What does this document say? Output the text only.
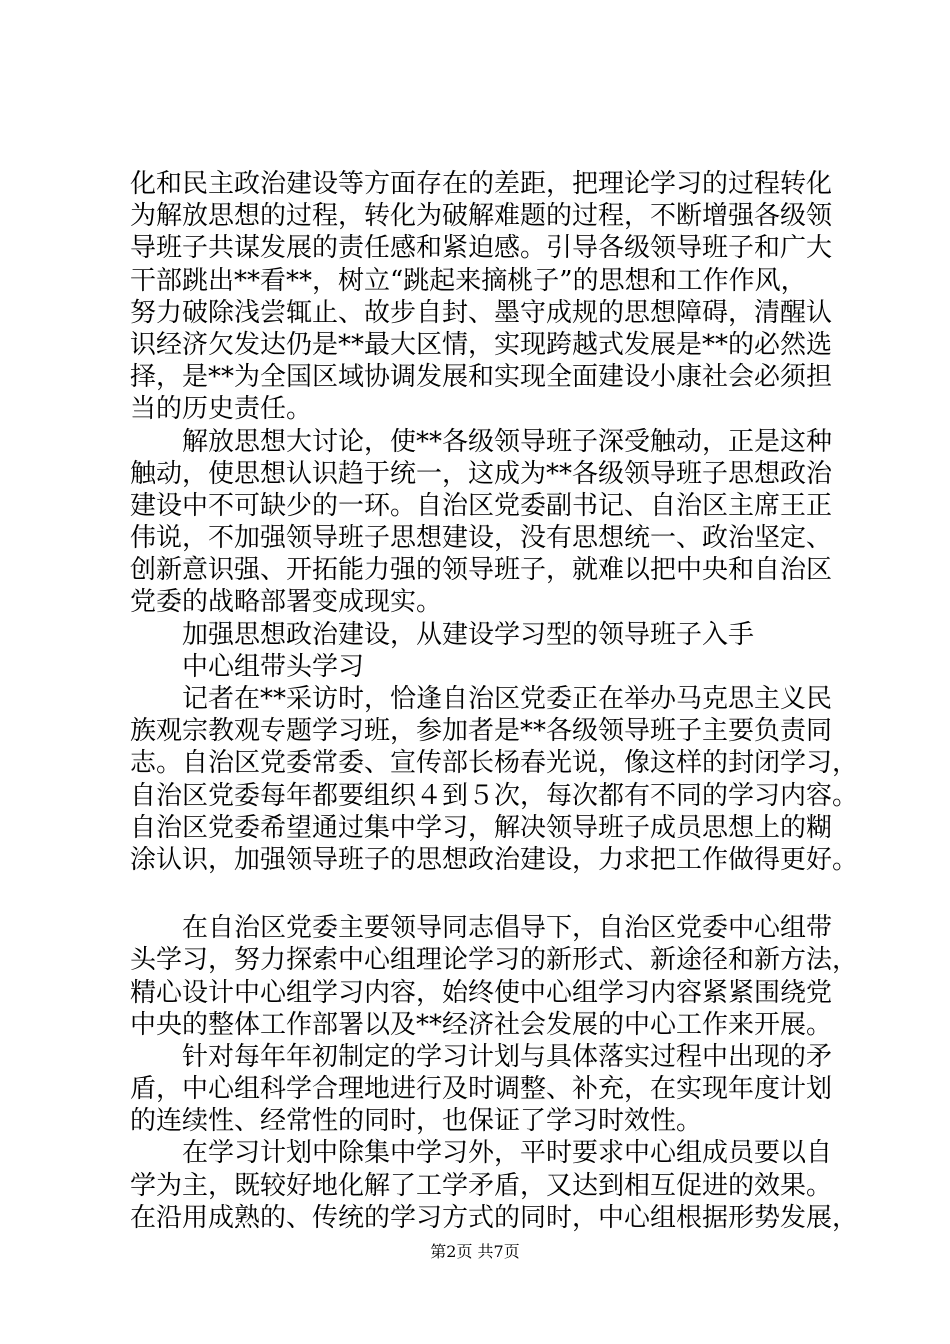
化和民主政治建设等方面存在的差距，把理论学习的过程转化
为解放思想的过程，转化为破解难题的过程，不断增强各级领
导班子共谋发展的责任感和紧迫感。引导各级领导班子和广大
干部跳出**看**，树立“跳起来摘桃子”的思想和工作作风，
努力破除浅尝辄止、故步自封、墨守成规的思想障碍，清醒认
识经济欠发达仍是**最大区情，实现跨越式发展是**的必然选
择，是**为全国区域协调发展和实现全面建设小康社会必须担
当的历史责任。
解放思想大讨论，使**各级领导班子深受触动，正是这种
触动，使思想认识趋于统一，这成为**各级领导班子思想政治
建设中不可缺少的一环。自治区党委副书记、自治区主席王正
伟说，不加强领导班子思想建设，没有思想统一、政治坚定、
创新意识强、开拓能力强的领导班子，就难以把中央和自治区
党委的战略部署变成现实。
加强思想政治建设，从建设学习型的领导班子入手
中心组带头学习
记者在**采访时，恰逢自治区党委正在举办马克思主义民
族观宗教观专题学习班，参加者是**各级领导班子主要负责同
志。自治区党委常委、宣传部长杨春光说，像这样的封闭学习，
自治区党委每年都要组织４到５次，每次都有不同的学习内容。
自治区党委希望通过集中学习，解决领导班子成员思想上的糊
涂认识，加强领导班子的思想政治建设，力求把工作做得更好。
在自治区党委主要领导同志倡导下，自治区党委中心组带
头学习，努力探索中心组理论学习的新形式、新途径和新方法，
精心设计中心组学习内容，始终使中心组学习内容紧紧围绕党
中央的整体工作部署以及**经济社会发展的中心工作来开展。
针对每年年初制定的学习计划与具体落实过程中出现的矛
盾，中心组科学合理地进行及时调整、补充，在实现年度计划
的连续性、经常性的同时，也保证了学习时效性。
在学习计划中除集中学习外，平时要求中心组成员要以自
学为主，既较好地化解了工学矛盾，又达到相互促进的效果。
在沿用成熟的、传统的学习方式的同时，中心组根据形势发展，
第2页 共7页
